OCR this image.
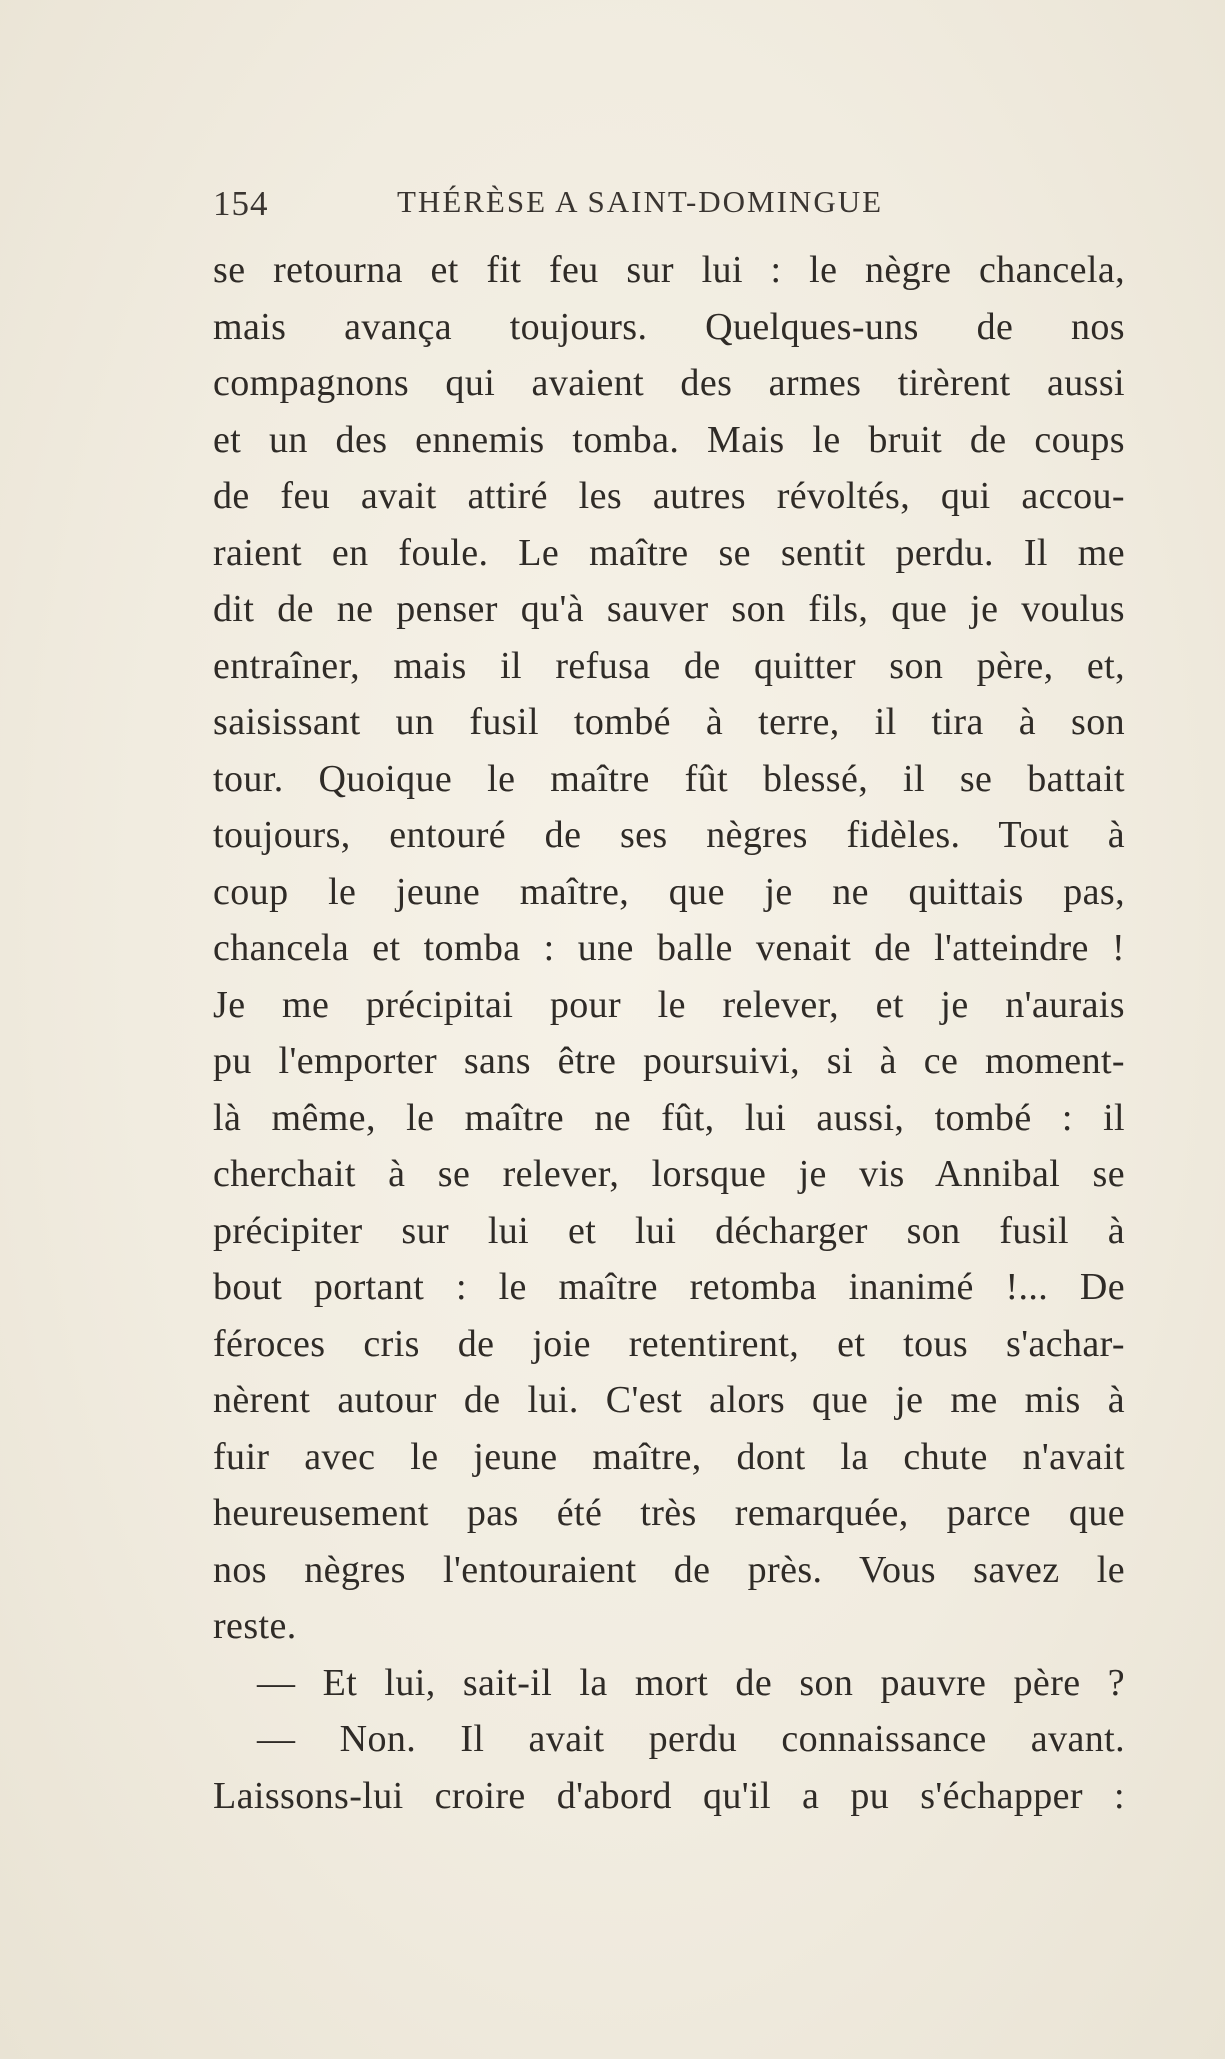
154	THÉRÈSE A SAINT-DOMINGUE
se retourna et fit feu sur lui : le nègre chancela,
mais avança toujours. Quelques-uns de nos
compagnons qui avaient des armes tirèrent aussi
et un des ennemis tomba. Mais le bruit de coups
de feu avait attiré les autres révoltés, qui accou-
raient en foule. Le maître se sentit perdu. Il me
dit de ne penser qu'à sauver son fils, que je voulus
entraîner, mais il refusa de quitter son père, et,
saisissant un fusil tombé à terre, il tira à son
tour. Quoique le maître fût blessé, il se battait
toujours, entouré de ses nègres fidèles. Tout à
coup le jeune maître, que je ne quittais pas,
chancela et tomba : une balle venait de l'atteindre !
Je me précipitai pour le relever, et je n'aurais
pu l'emporter sans être poursuivi, si à ce moment-
là même, le maître ne fût, lui aussi, tombé : il
cherchait à se relever, lorsque je vis Annibal se
précipiter sur lui et lui décharger son fusil à
bout portant : le maître retomba inanimé !... De
féroces cris de joie retentirent, et tous s'achar-
nèrent autour de lui. C'est alors que je me mis à
fuir avec le jeune maître, dont la chute n'avait
heureusement pas été très remarquée, parce que
nos nègres l'entouraient de près. Vous savez le
reste.
— Et lui, sait-il la mort de son pauvre père ?
— Non. Il avait perdu connaissance avant.
Laissons-lui croire d'abord qu'il a pu s'échapper :
